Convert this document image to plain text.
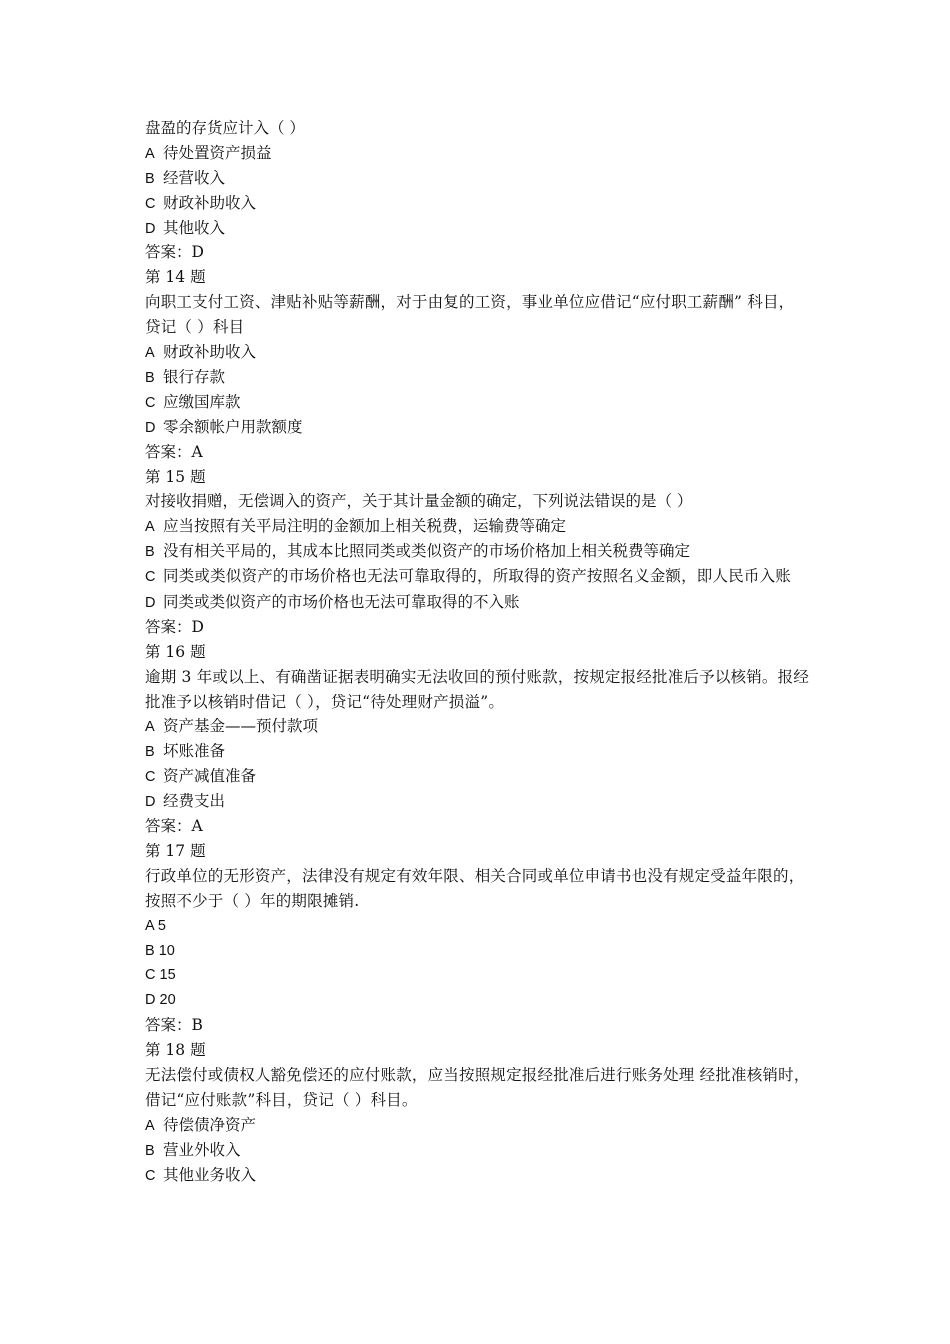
盘盈的存货应计入（ ）
A 待处置资产损益
B 经营收入
C 财政补助收入
D 其他收入
答案：D
第 14 题
向职工支付工资、津贴补贴等薪酬，对于由复的工资，事业单位应借记“应付职工薪酬” 科目，贷记（ ）科目
A 财政补助收入
B 银行存款
C 应缴国库款
D 零余额帐户用款额度
答案：A
第 15 题
对接收捐赠，无偿调入的资产，关于其计量金额的确定，下列说法错误的是（ ）
A 应当按照有关平局注明的金额加上相关税费，运输费等确定
B 没有相关平局的，其成本比照同类或类似资产的市场价格加上相关税费等确定
C 同类或类似资产的市场价格也无法可靠取得的，所取得的资产按照名义金额，即人民币入账
D 同类或类似资产的市场价格也无法可靠取得的不入账
答案：D
第 16 题
逾期 3 年或以上、有确凿证据表明确实无法收回的预付账款，按规定报经批准后予以核销。报经批准予以核销时借记（ ），贷记“待处理财产损溢”。
A 资产基金——预付款项
B 坏账准备
C 资产减值准备
D 经费支出
答案：A
第 17 题
行政单位的无形资产，法律没有规定有效年限、相关合同或单位申请书也没有规定受益年限的，按照不少于（ ）年的期限摊销.
A 5
B 10
C 15
D 20
答案：B
第 18 题
无法偿付或债权人豁免偿还的应付账款，应当按照规定报经批准后进行账务处理 经批准核销时，借记“应付账款”科目，贷记（ ）科目。
A 待偿债净资产
B 营业外收入
C 其他业务收入
